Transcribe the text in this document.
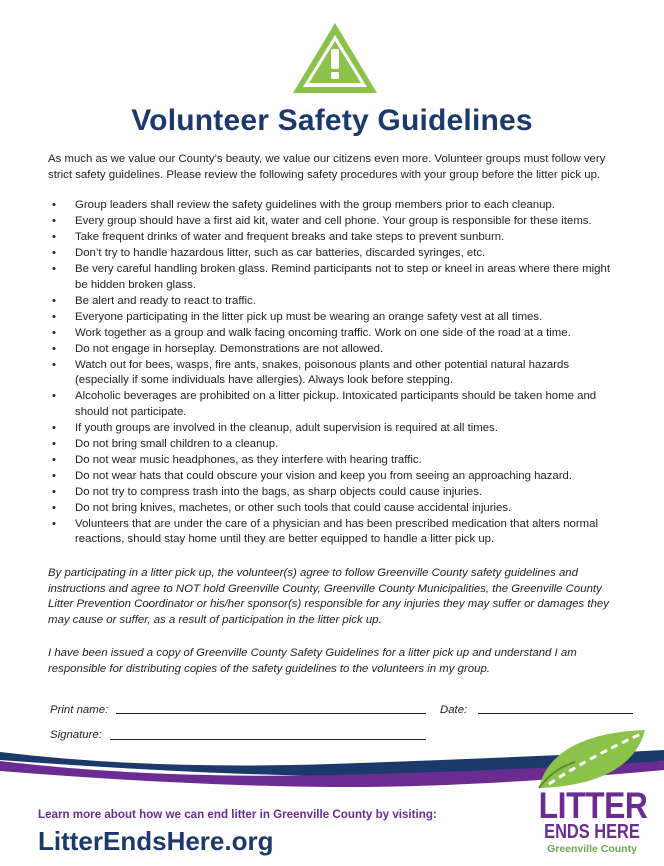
Volunteer Safety Guidelines

As much as we value our County’s beauty, we value our citizens even more. Volunteer groups must follow very strict safety guidelines. Please review the following safety procedures with your group before the litter pick up.

• Group leaders shall review the safety guidelines with the group members prior to each cleanup.
• Every group should have a first aid kit, water and cell phone. Your group is responsible for these items.
• Take frequent drinks of water and frequent breaks and take steps to prevent sunburn.
• Don’t try to handle hazardous litter, such as car batteries, discarded syringes, etc.
• Be very careful handling broken glass. Remind participants not to step or kneel in areas where there might be hidden broken glass.
• Be alert and ready to react to traffic.
• Everyone participating in the litter pick up must be wearing an orange safety vest at all times.
• Work together as a group and walk facing oncoming traffic. Work on one side of the road at a time.
• Do not engage in horseplay. Demonstrations are not allowed.
• Watch out for bees, wasps, fire ants, snakes, poisonous plants and other potential natural hazards (especially if some individuals have allergies). Always look before stepping.
• Alcoholic beverages are prohibited on a litter pickup. Intoxicated participants should be taken home and should not participate.
• If youth groups are involved in the cleanup, adult supervision is required at all times.
• Do not bring small children to a cleanup.
• Do not wear music headphones, as they interfere with hearing traffic.
• Do not wear hats that could obscure your vision and keep you from seeing an approaching hazard.
• Do not try to compress trash into the bags, as sharp objects could cause injuries.
• Do not bring knives, machetes, or other such tools that could cause accidental injuries.
• Volunteers that are under the care of a physician and has been prescribed medication that alters normal reactions, should stay home until they are better equipped to handle a litter pick up.

By participating in a litter pick up, the volunteer(s) agree to follow Greenville County safety guidelines and instructions and agree to NOT hold Greenville County, Greenville County Municipalities, the Greenville County Litter Prevention Coordinator or his/her sponsor(s) responsible for any injuries they may suffer or damages they may cause or suffer, as a result of participation in the litter pick up.

I have been issued a copy of Greenville County Safety Guidelines for a litter pick up and understand I am responsible for distributing copies of the safety guidelines to the volunteers in my group.

Print name:	Date:
Signature:
Learn more about how we can end litter in Greenville County by visiting:
LitterEndsHere.org
LITTER
ENDS HERE
Greenville County
